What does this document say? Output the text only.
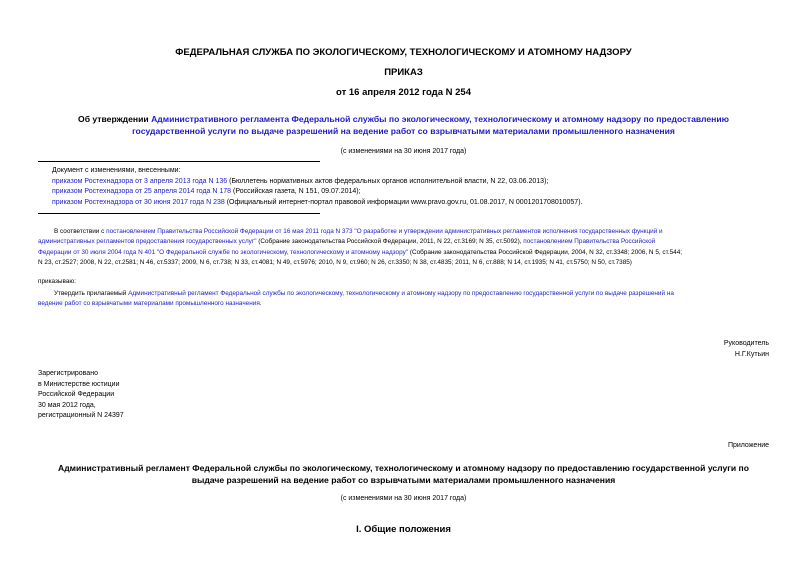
ФЕДЕРАЛЬНАЯ СЛУЖБА ПО ЭКОЛОГИЧЕСКОМУ, ТЕХНОЛОГИЧЕСКОМУ И АТОМНОМУ НАДЗОРУ
ПРИКАЗ
от 16 апреля 2012 года N 254
Об утверждении Административного регламента Федеральной службы по экологическому, технологическому и атомному надзору по предоставлению
государственной услуги по выдаче разрешений на ведение работ со взрывчатыми материалами промышленного назначения
(с изменениями на 30 июня 2017 года)
Документ с изменениями, внесенными:
приказом Ростехнадзора от 3 апреля 2013 года N 136 (Бюллетень нормативных актов федеральных органов исполнительной власти, N 22, 03.06.2013);
приказом Ростехнадзора от 25 апреля 2014 года N 178 (Российская газета, N 151, 09.07.2014);
приказом Ростехнадзора от 30 июня 2017 года N 238 (Официальный интернет-портал правовой информации www.pravo.gov.ru, 01.08.2017, N 0001201708010057).
В соответствии с постановлением Правительства Российской Федерации от 16 мая 2011 года N 373 "О разработке и утверждении административных регламентов исполнения государственных функций и
административных регламентов предоставления государственных услуг" (Собрание законодательства Российской Федерации, 2011, N 22, ст.3169; N 35, ст.5092), постановлением Правительства Российской
Федерации от 30 июля 2004 года N 401 "О Федеральной службе по экологическому, технологическому и атомному надзору" (Собрание законодательства Российской Федерации, 2004, N 32, ст.3348; 2006, N 5, ст.544;
N 23, ст.2527; 2008, N 22, ст.2581; N 46, ст.5337; 2009, N 6, ст.738; N 33, ст.4081; N 49, ст.5976; 2010, N 9, ст.960; N 26, ст.3350; N 38, ст.4835; 2011, N 6, ст.888; N 14, ст.1935; N 41, ст.5750; N 50, ст.7385)
приказываю:
Утвердить прилагаемый Административный регламент Федеральной службы по экологическому, технологическому и атомному надзору по предоставлению государственной услуги по выдаче разрешений на
ведение работ со взрывчатыми материалами промышленного назначения.
Руководитель
Н.Г.Кутьин
Зарегистрировано
в Министерстве юстиции
Российской Федерации
30 мая 2012 года,
регистрационный N 24397
Приложение
Административный регламент Федеральной службы по экологическому, технологическому и атомному надзору по предоставлению государственной услуги по
выдаче разрешений на ведение работ со взрывчатыми материалами промышленного назначения
(с изменениями на 30 июня 2017 года)
I. Общие положения
